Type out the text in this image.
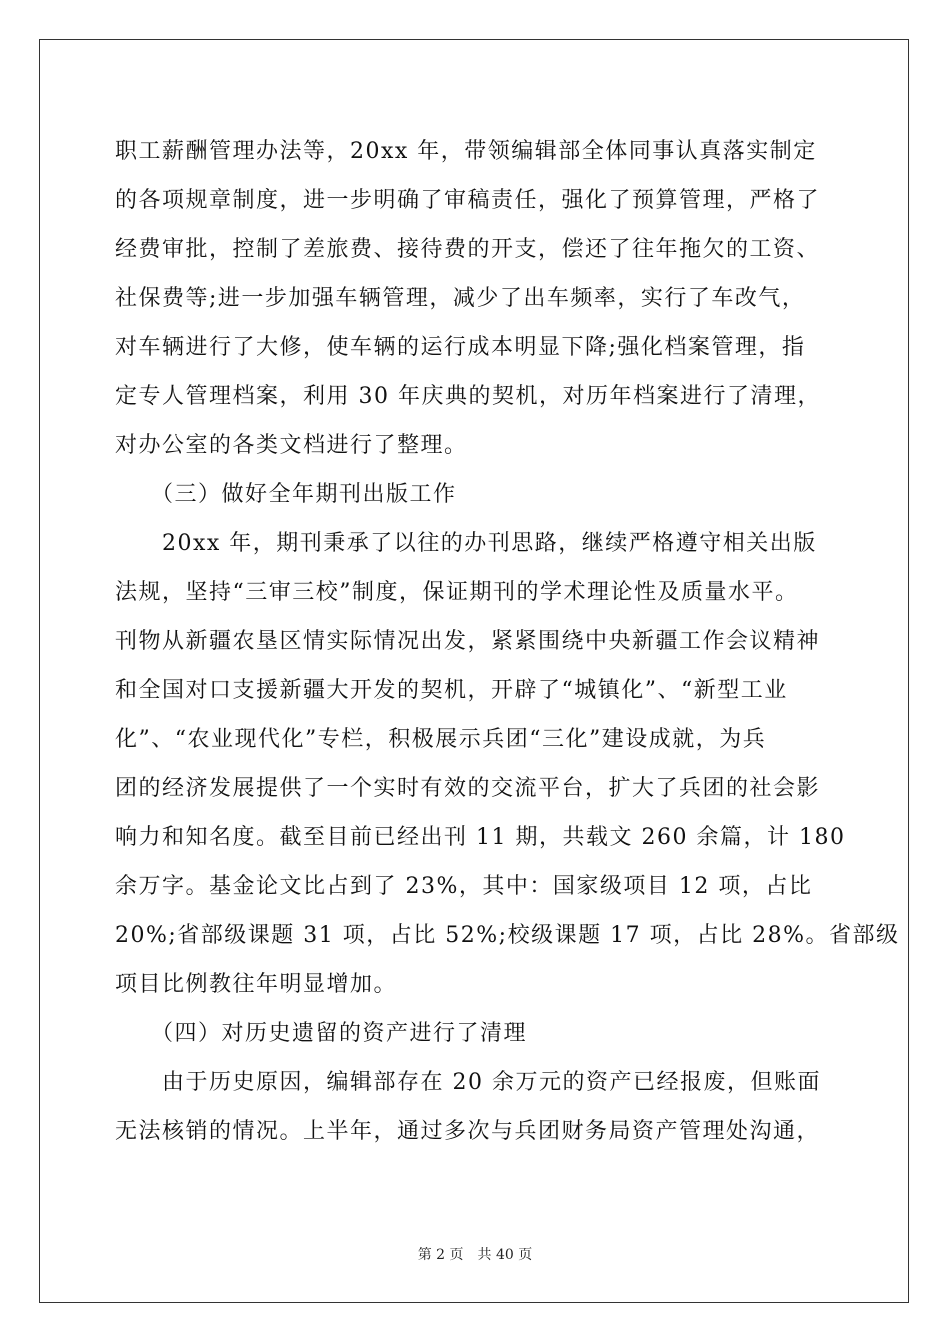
职工薪酬管理办法等，20xx 年，带领编辑部全体同事认真落实制定
的各项规章制度，进一步明确了审稿责任，强化了预算管理，严格了
经费审批，控制了差旅费、接待费的开支，偿还了往年拖欠的工资、
社保费等;进一步加强车辆管理，减少了出车频率，实行了车改气，
对车辆进行了大修，使车辆的运行成本明显下降;强化档案管理，指
定专人管理档案，利用 30 年庆典的契机，对历年档案进行了清理，
对办公室的各类文档进行了整理。
　　（三）做好全年期刊出版工作
　　20xx 年，期刊秉承了以往的办刊思路，继续严格遵守相关出版
法规，坚持“三审三校”制度，保证期刊的学术理论性及质量水平。
刊物从新疆农垦区情实际情况出发，紧紧围绕中央新疆工作会议精神
和全国对口支援新疆大开发的契机，开辟了“城镇化”、“新型工业
化”、“农业现代化”专栏，积极展示兵团“三化”建设成就，为兵
团的经济发展提供了一个实时有效的交流平台，扩大了兵团的社会影
响力和知名度。截至目前已经出刊 11 期，共载文 260 余篇，计 180
余万字。基金论文比占到了 23%，其中：国家级项目 12 项，占比
20%;省部级课题 31 项，占比 52%;校级课题 17 项，占比 28%。省部级
项目比例教往年明显增加。
　　（四）对历史遗留的资产进行了清理
　　由于历史原因，编辑部存在 20 余万元的资产已经报废，但账面
无法核销的情况。上半年，通过多次与兵团财务局资产管理处沟通，
第 2 页　共 40 页
